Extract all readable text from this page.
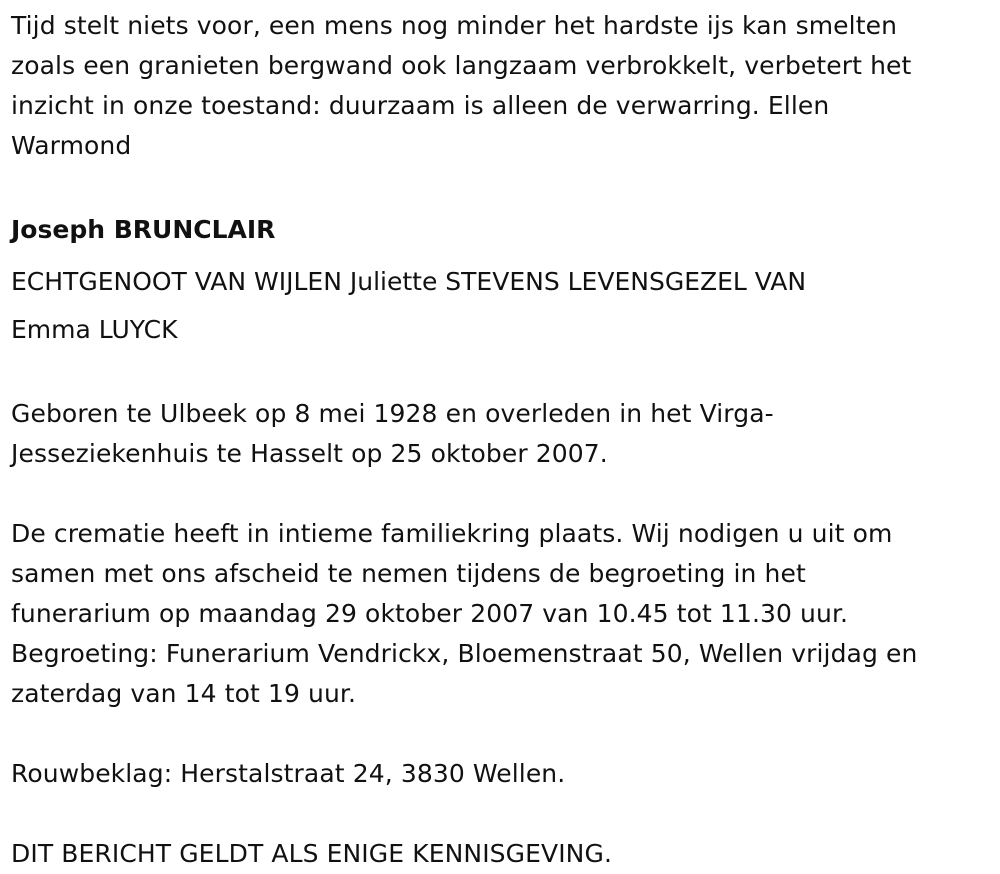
Tijd stelt niets voor, een mens nog minder het hardste ijs kan smelten

zoals een granieten bergwand ook langzaam verbrokkelt, verbetert het

inzicht in onze toestand: duurzaam is alleen de verwarring. Ellen

Warmond

Joseph BRUNCLAIR

ECHTGENOOT VAN WIJLEN Juliette STEVENS LEVENSGEZEL VAN

Emma LUYCK

Geboren te Ulbeek op 8 mei 1928 en overleden in het Virga-

Jesseziekenhuis te Hasselt op 25 oktober 2007.

De crematie heeft in intieme familiekring plaats. Wij nodigen u uit om

samen met ons afscheid te nemen tijdens de begroeting in het

funerarium op maandag 29 oktober 2007 van 10.45 tot 11.30 uur.

Begroeting: Funerarium Vendrickx, Bloemenstraat 50, Wellen vrijdag en

zaterdag van 14 tot 19 uur.

Rouwbeklag: Herstalstraat 24, 3830 Wellen.

DIT BERICHT GELDT ALS ENIGE KENNISGEVING.
